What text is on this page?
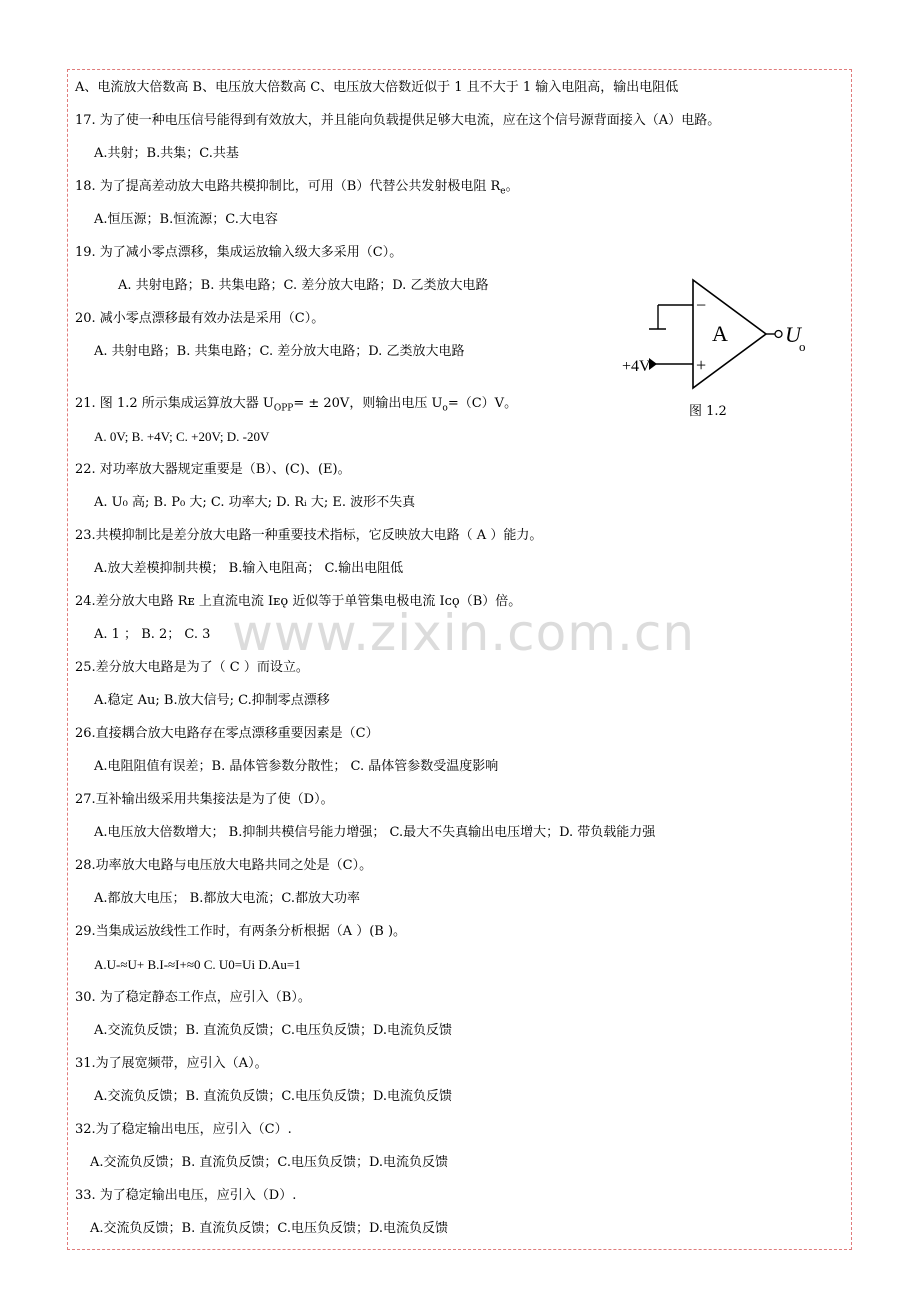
www.zixin.com.cn
A、电流放大倍数高 B、电压放大倍数高 C、电压放大倍数近似于 1 且不大于 1 输入电阻高，输出电阻低
17. 为了使一种电压信号能得到有效放大，并且能向负载提供足够大电流，应在这个信号源背面接入（A）电路。
A.共射；B.共集；C.共基
18. 为了提高差动放大电路共模抑制比，可用（B）代替公共发射极电阻 $R_e$。
A.恒压源；B.恒流源；C.大电容
19. 为了减小零点漂移，集成运放输入级大多采用（C）。
A. 共射电路；B. 共集电路；C. 差分放大电路；D. 乙类放大电路
20. 减小零点漂移最有效办法是采用（C）。
A. 共射电路；B. 共集电路；C. 差分放大电路；D. 乙类放大电路
21. 图 1.2 所示集成运算放大器 $U_{OPP}= \pm 20V$，则输出电压 $U_o=(C)V$。
A. 0V; B. +4V; C. +20V; D. -20V
22. 对功率放大器规定重要是（B）、(C)、(E)。
A. U₀ 高; B. P₀ 大; C. 功率大; D. Rᵢ 大; E. 波形不失真
23.共模抑制比是差分放大电路一种重要技术指标，它反映放大电路（ A ）能力。
A.放大差模抑制共模； B.输入电阻高； C.输出电阻低
24.差分放大电路 Rᴇ 上直流电流 Iᴇǫ 近似等于单管集电极电流 Iᴄǫ（B）倍。
A. 1 ； B. 2； C. 3
25.差分放大电路是为了（ C ）而设立。
A.稳定 Au; B.放大信号; C.抑制零点漂移
26.直接耦合放大电路存在零点漂移重要因素是（C）
A.电阻阻值有误差；B. 晶体管参数分散性； C. 晶体管参数受温度影响
27.互补输出级采用共集接法是为了使（D）。
A.电压放大倍数增大； B.抑制共模信号能力增强； C.最大不失真输出电压增大；D. 带负载能力强
28.功率放大电路与电压放大电路共同之处是（C）。
A.都放大电压； B.都放大电流；C.都放大功率
29.当集成运放线性工作时，有两条分析根据（A ）(B )。
A.U-≈U+ B.I-≈I+≈0 C. U0=Ui D.Au=1
30. 为了稳定静态工作点，应引入（B）。
A.交流负反馈；B. 直流负反馈；C.电压负反馈；D.电流负反馈
31.为了展宽频带，应引入（A）。
A.交流负反馈；B. 直流负反馈；C.电压负反馈；D.电流负反馈
32.为了稳定输出电压，应引入（C）.
A.交流负反馈；B. 直流负反馈；C.电压负反馈；D.电流负反馈
33. 为了稳定输出电压，应引入（D）.
A.交流负反馈；B. 直流负反馈；C.电压负反馈；D.电流负反馈
−
+
A
+4V
U
o
图 1.2
